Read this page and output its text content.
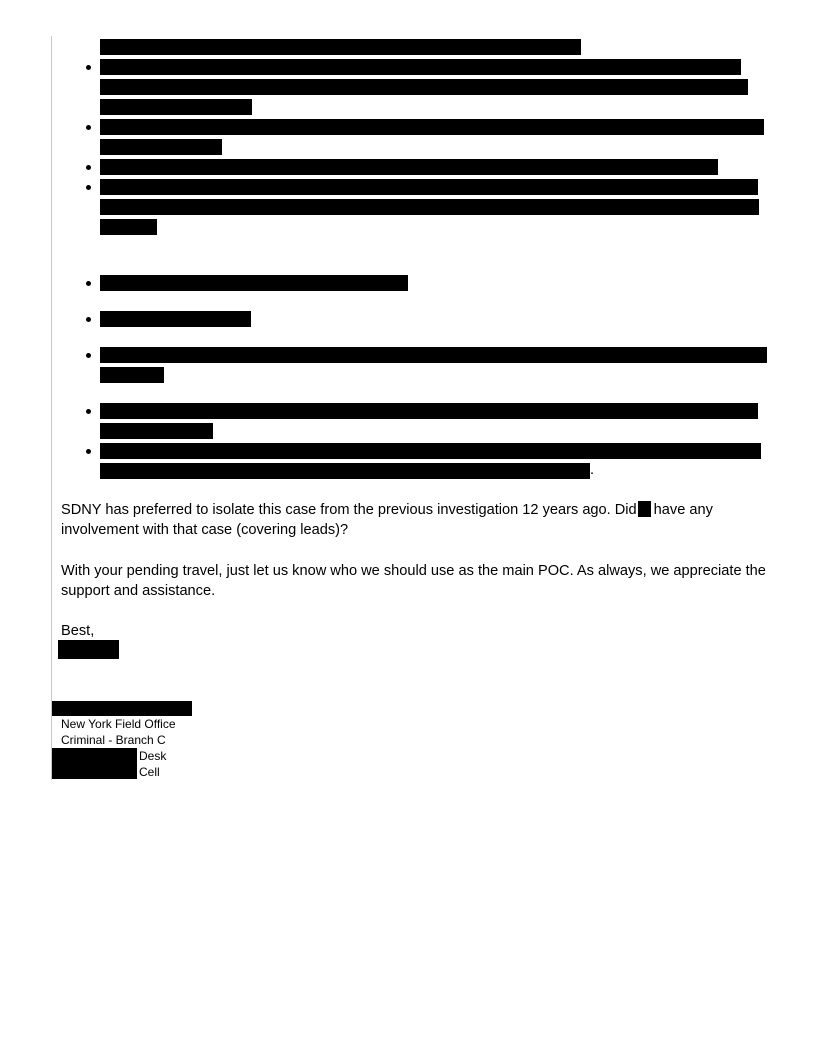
.
SDNY has preferred to isolate this case from the previous investigation 12 years ago. Did have any
involvement with that case (covering leads)?
With your pending travel, just let us know who we should use as the main POC. As always, we appreciate the
support and assistance.
Best,
New York Field Office
Criminal - Branch C
Desk
Cell
